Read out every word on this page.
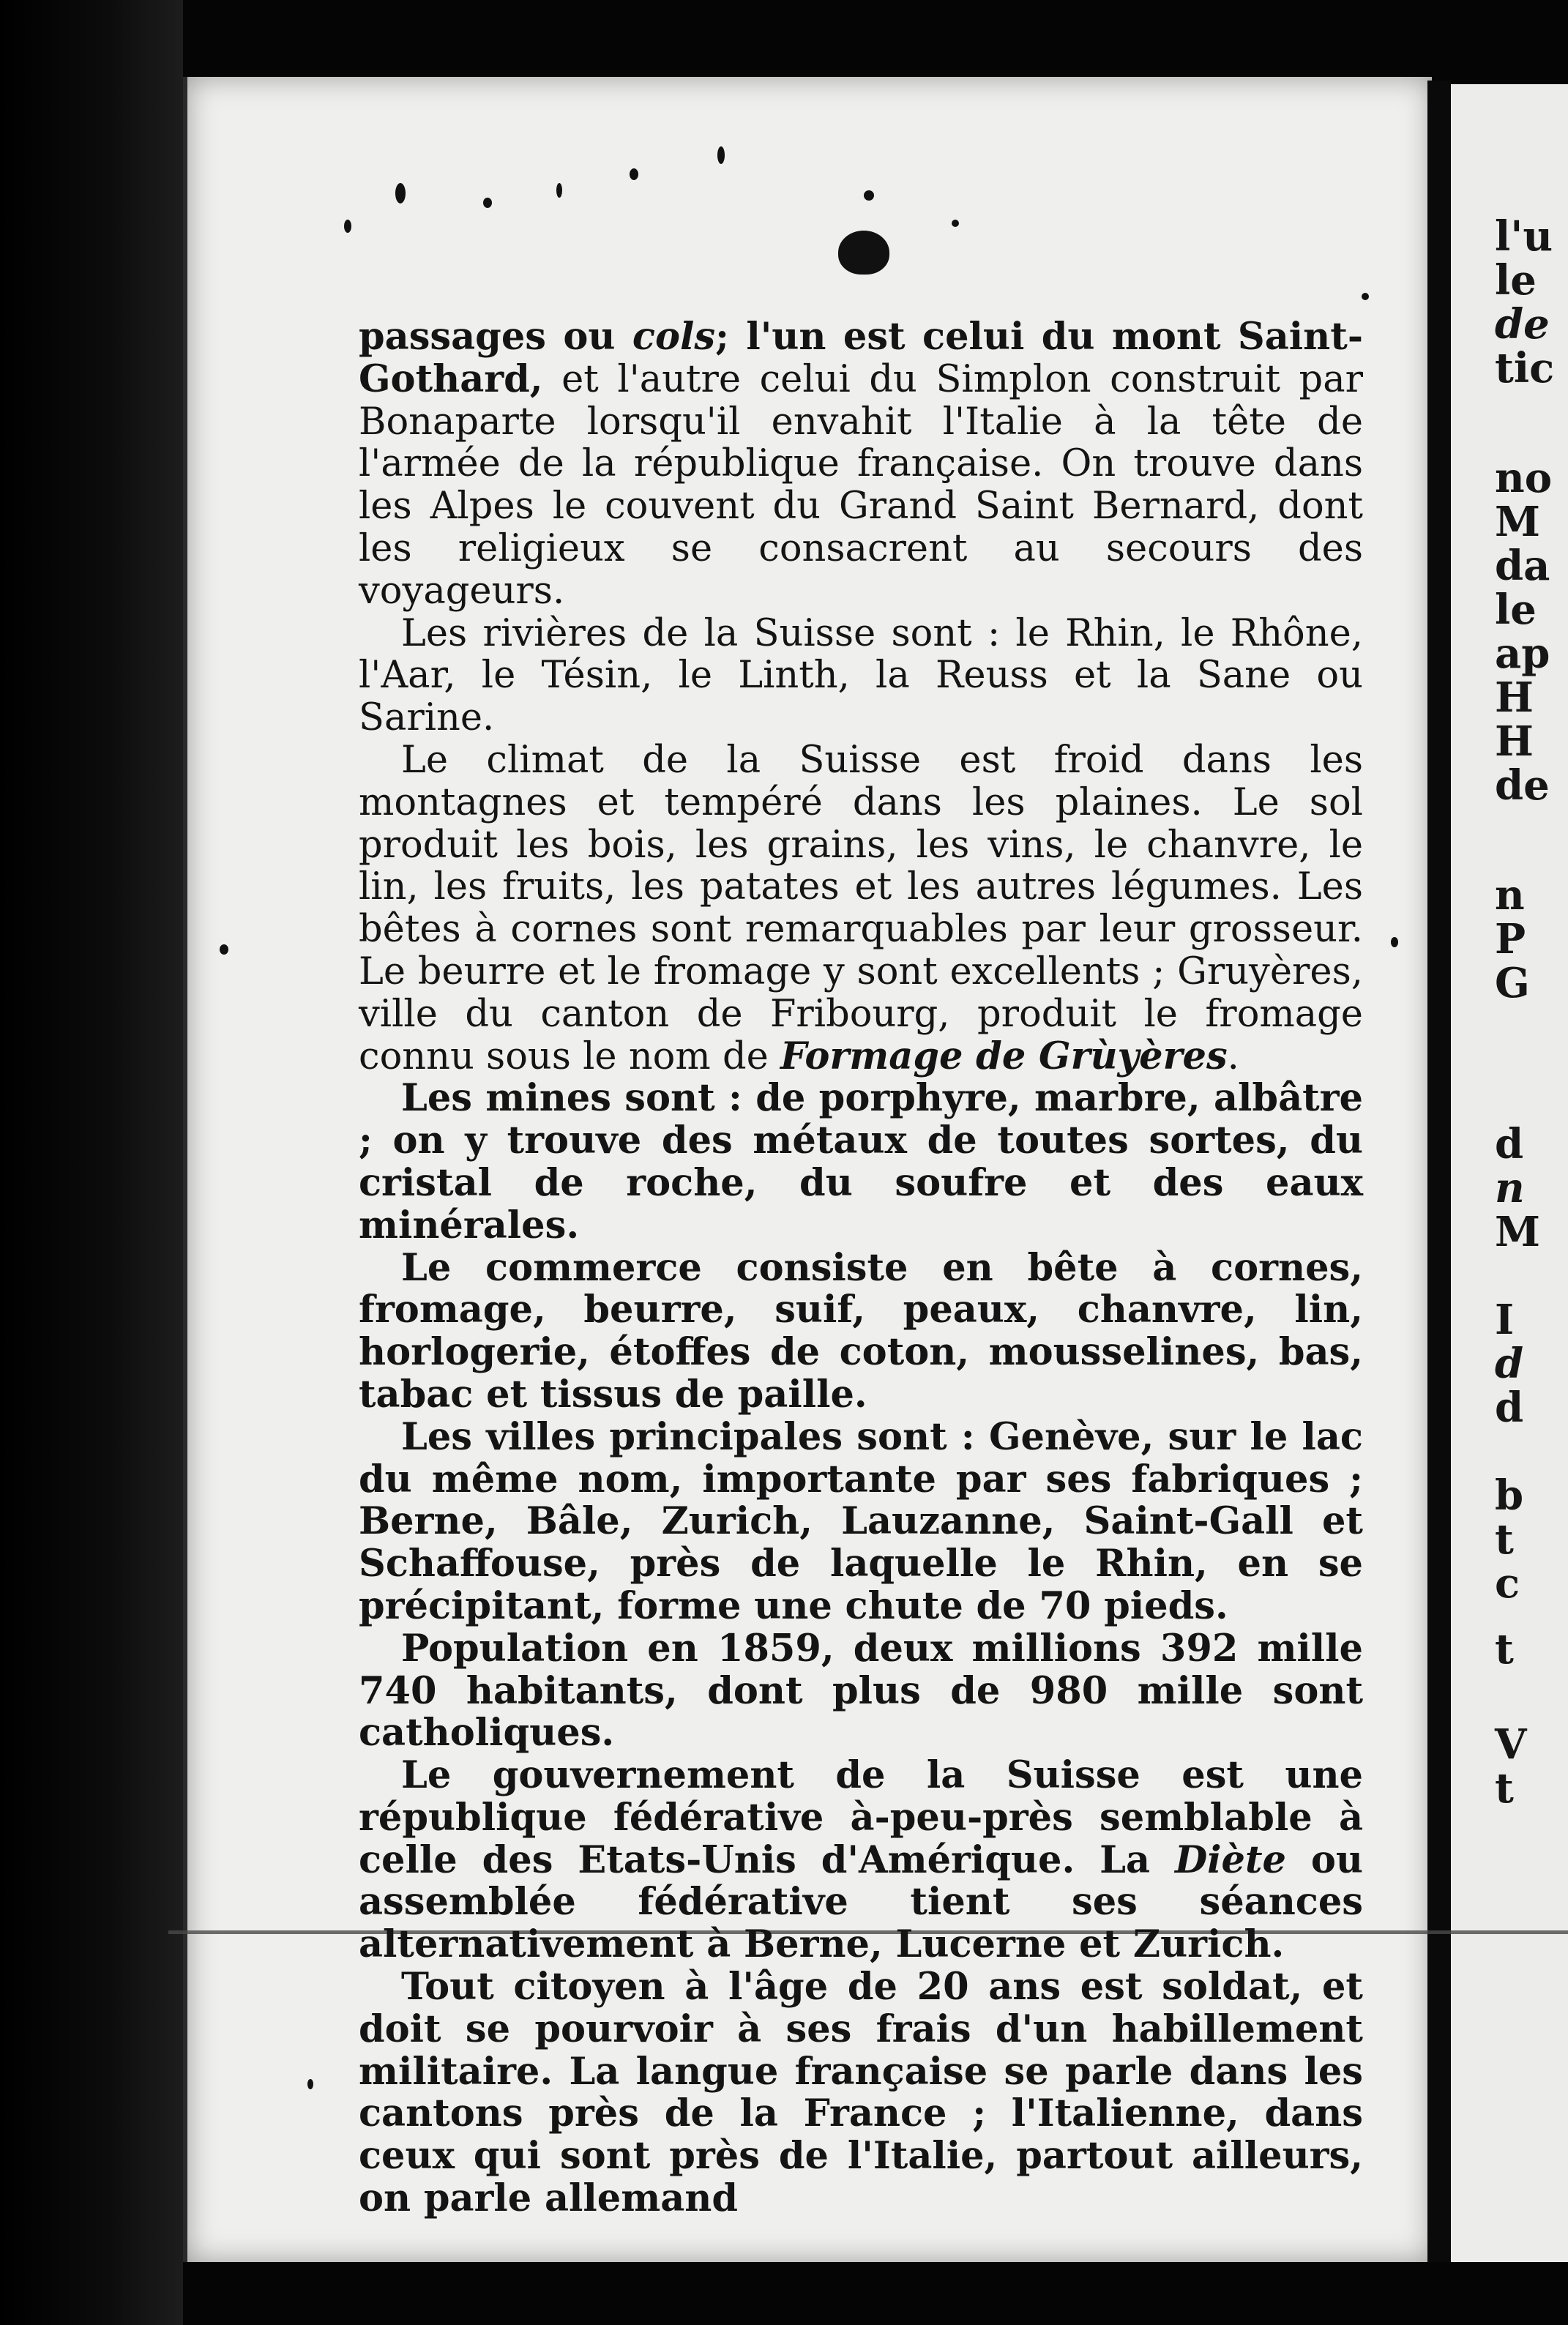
l'u
le
de
tic
no
M
da
le
ap
H
H
de
n
P
G
d
n
M
I
d
d
b
t
c
t
V
t

passages ou cols; l'un est celui du mont Saint-Gothard, et l'autre celui du Simplon construit par Bonaparte lorsqu'il envahit l'Italie à la tête de l'armée de la république française. On trouve dans les Alpes le couvent du Grand Saint Bernard, dont les religieux se consacrent au secours des voyageurs.

Les rivières de la Suisse sont : le Rhin, le Rhône, l'Aar, le Tésin, le Linth, la Reuss et la Sane ou Sarine.

Le climat de la Suisse est froid dans les montagnes et tempéré dans les plaines. Le sol produit les bois, les grains, les vins, le chanvre, le lin, les fruits, les patates et les autres légumes. Les bêtes à cornes sont remarquables par leur grosseur. Le beurre et le fromage y sont excellents ; Gruyères, ville du canton de Fribourg, produit le fromage connu sous le nom de Formage de Grùyères.

Les mines sont : de porphyre, marbre, albâtre ; on y trouve des métaux de toutes sortes, du cristal de roche, du soufre et des eaux minérales.

Le commerce consiste en bête à cornes, fromage, beurre, suif, peaux, chanvre, lin, horlogerie, étoffes de coton, mousselines, bas, tabac et tissus de paille.

Les villes principales sont : Genève, sur le lac du même nom, importante par ses fabriques ; Berne, Bâle, Zurich, Lauzanne, Saint-Gall et Schaffouse, près de laquelle le Rhin, en se précipitant, forme une chute de 70 pieds.

Population en 1859, deux millions 392 mille 740 habitants, dont plus de 980 mille sont catholiques.

Le gouvernement de la Suisse est une république fédérative à-peu-près semblable à celle des Etats-Unis d'Amérique. La Diète ou assemblée fédérative tient ses séances alternativement à Berne, Lucerne et Zurich.

Tout citoyen à l'âge de 20 ans est soldat, et doit se pourvoir à ses frais d'un habillement militaire. La langue française se parle dans les cantons près de la France ; l'Italienne, dans ceux qui sont près de l'Italie, partout ailleurs, on parle allemand
